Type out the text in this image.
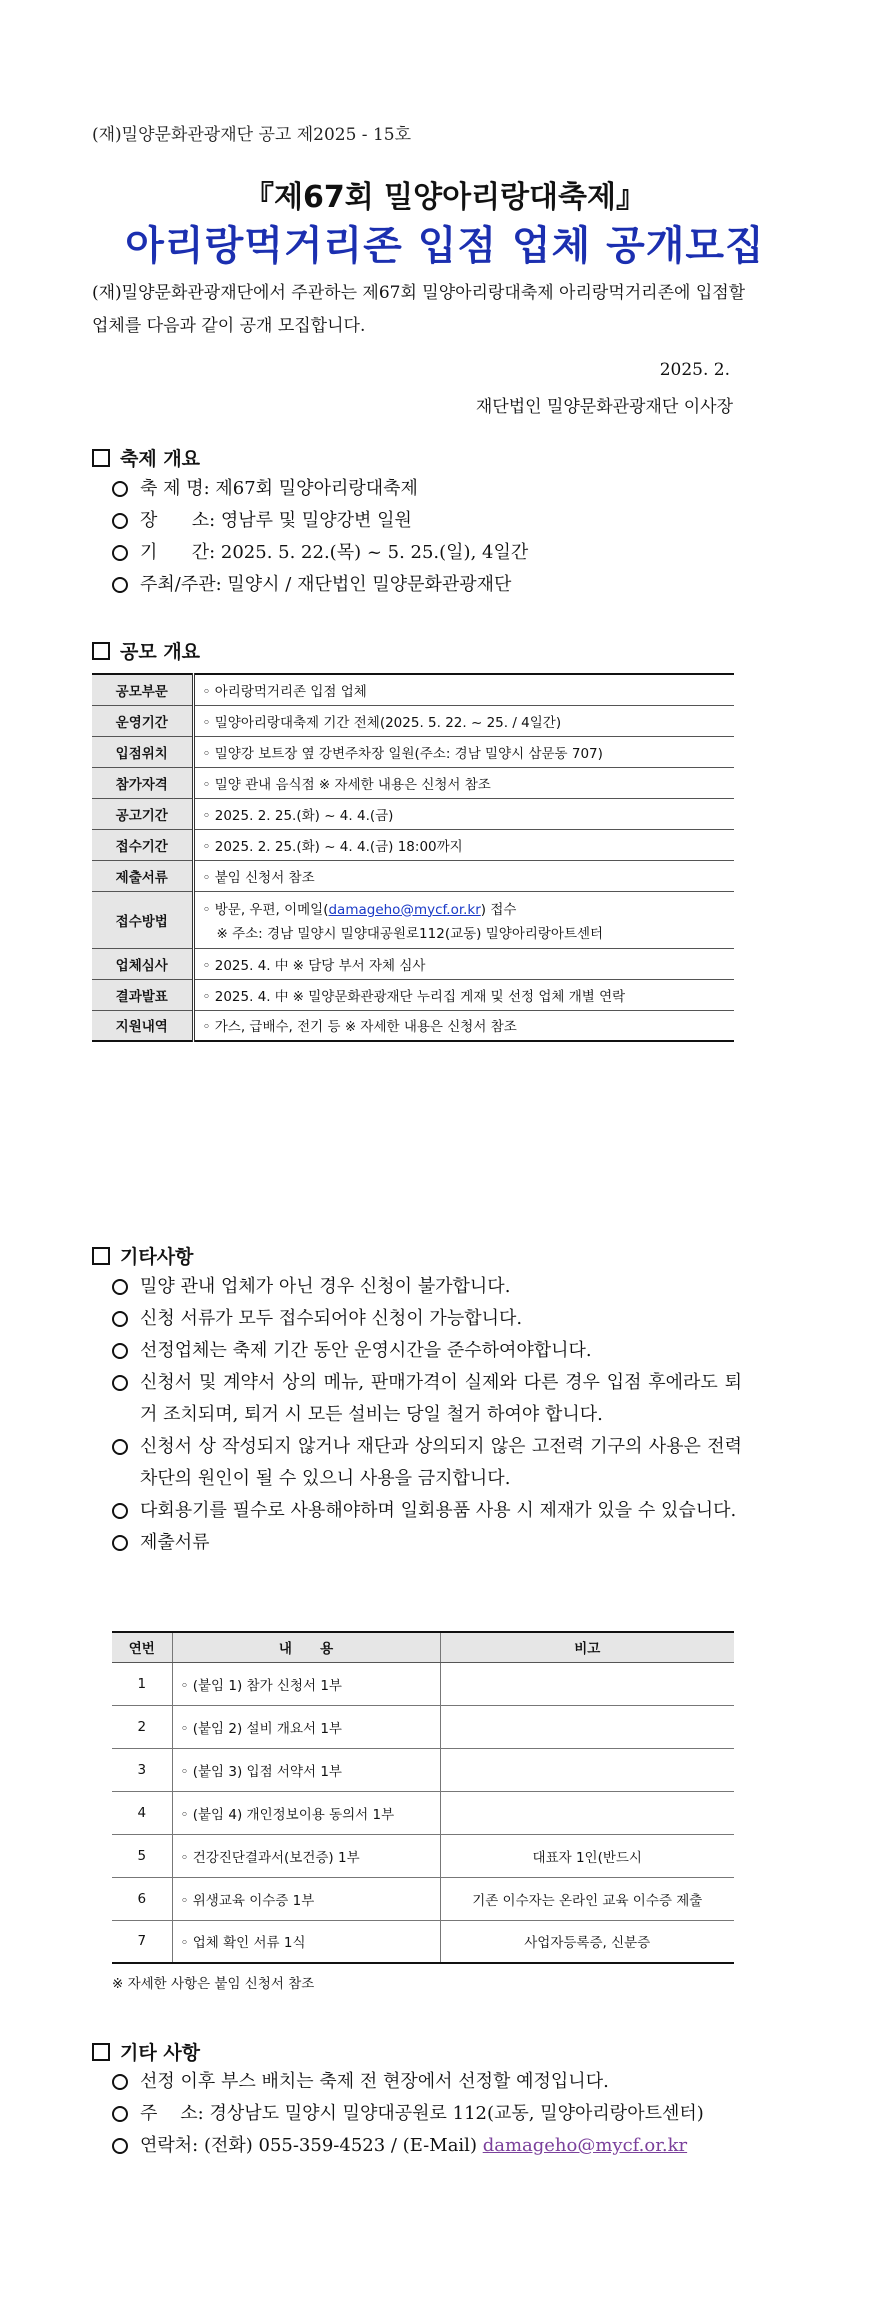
(재)밀양문화관광재단 공고 제2025 - 15호
『제67회 밀양아리랑대축제』
아리랑먹거리존 입점 업체 공개모집
(재)밀양문화관광재단에서 주관하는 제67회 밀양아리랑대축제 아리랑먹거리존에 입점할 업체를 다음과 같이 공개 모집합니다.
2025. 2.
재단법인 밀양문화관광재단 이사장
축제 개요
축 제 명: 제67회 밀양아리랑대축제
장      소: 영남루 및 밀양강변 일원
기      간: 2025. 5. 22.(목) ~ 5. 25.(일), 4일간
주최/주관: 밀양시 / 재단법인 밀양문화관광재단
공모 개요
공모부문	◦ 아리랑먹거리존 입점 업체
운영기간	◦ 밀양아리랑대축제 기간 전체(2025. 5. 22. ~ 25. / 4일간)
입점위치	◦ 밀양강 보트장 옆 강변주차장 일원(주소: 경남 밀양시 삼문동 707)
참가자격	◦ 밀양 관내 음식점 ※ 자세한 내용은 신청서 참조
공고기간	◦ 2025. 2. 25.(화) ~ 4. 4.(금)
접수기간	◦ 2025. 2. 25.(화) ~ 4. 4.(금) 18:00까지
제출서류	◦ 붙임 신청서 참조
접수방법	◦ 방문, 우편, 이메일(damageho@mycf.or.kr) 접수
※ 주소: 경남 밀양시 밀양대공원로112(교동) 밀양아리랑아트센터

업체심사	◦ 2025. 4. 中 ※ 담당 부서 자체 심사
결과발표	◦ 2025. 4. 中 ※ 밀양문화관광재단 누리집 게재 및 선정 업체 개별 연락
지원내역	◦ 가스, 급배수, 전기 등 ※ 자세한 내용은 신청서 참조
기타사항
밀양 관내 업체가 아닌 경우 신청이 불가합니다.
신청 서류가 모두 접수되어야 신청이 가능합니다.
선정업체는 축제 기간 동안 운영시간을 준수하여야합니다.
신청서 및 계약서 상의 메뉴, 판매가격이 실제와 다른 경우 입점 후에라도 퇴거 조치되며, 퇴거 시 모든 설비는 당일 철거 하여야 합니다.
신청서 상 작성되지 않거나 재단과 상의되지 않은 고전력 기구의 사용은 전력 차단의 원인이 될 수 있으니 사용을 금지합니다.
다회용기를 필수로 사용해야하며 일회용품 사용 시 제재가 있을 수 있습니다.
제출서류
연번	내      용	비고
1	◦ (붙임 1) 참가 신청서 1부	
2	◦ (붙임 2) 설비 개요서 1부	
3	◦ (붙임 3) 입점 서약서 1부	
4	◦ (붙임 4) 개인정보이용 동의서 1부	
5	◦ 건강진단결과서(보건증) 1부	대표자 1인(반드시
6	◦ 위생교육 이수증 1부	기존 이수자는 온라인 교육 이수증 제출
7	◦ 업체 확인 서류 1식	사업자등록증, 신분증
※ 자세한 사항은 붙임 신청서 참조
기타 사항
선정 이후 부스 배치는 축제 전 현장에서 선정할 예정입니다.
주    소: 경상남도 밀양시 밀양대공원로 112(교동, 밀양아리랑아트센터)
연락처: (전화) 055-359-4523 / (E-Mail) damageho@mycf.or.kr
